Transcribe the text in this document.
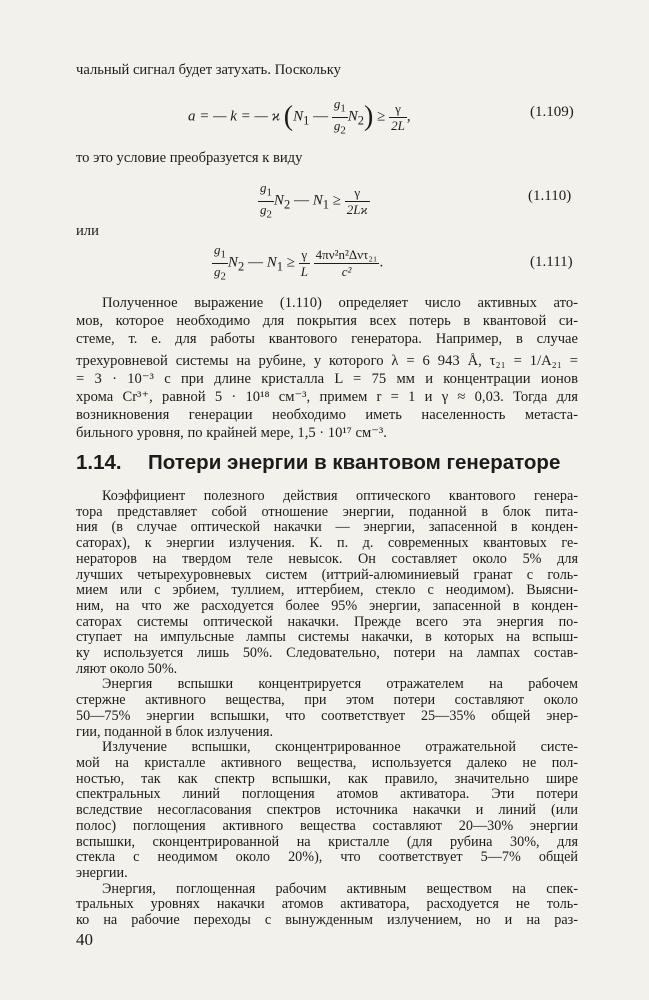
чальный сигнал будет затухать. Поскольку
a = — k = — ϰ ($N_1$ — $\frac{g_1}{g_2} N_2) \ge \frac{\gamma}{2L}$ ,	(1.109)
то это условие преобразуется к виду
$\frac{g_1}{g_2} N_2$ — $N_1 \ge \frac{\gamma}{2Lϰ}$	(1.110)
или
$\frac{g_1}{g_2} N_2$ — $N_1 \ge \frac{\gamma}{L}$
$\frac{\text{4πν²n²Δντ₂₁}}{\text{c²}}$ .	(1.111)
Полученное выражение (1.110) определяет число активных ато-
мов, которое необходимо для покрытия всех потерь в квантовой си-
стеме, т. е. для работы квантового генератора. Например, в случае
трехуровневой системы на рубине, у которого λ = 6 943 Å, τ₂₁ = 1/A₂₁ =
= 3 · 10⁻³ с при длине кристалла L = 75 мм и концентрации ионов
хрома Cr³⁺, равной 5 · 10¹⁸ см⁻³, примем r = 1 и γ ≈ 0,03. Тогда для
возникновения генерации необходимо иметь населенность метаста-
бильного уровня, по крайней мере, 1,5 · 10¹⁷ см⁻³.
1.14. Потери энергии в квантовом генераторе
Коэффициент полезного действия оптического квантового генера-
тора представляет собой отношение энергии, поданной в блок пита-
ния (в случае оптической накачки — энергии, запасенной в конден-
саторах), к энергии излучения. К. п. д. современных квантовых ге-
нераторов на твердом теле невысок. Он составляет около 5% для
лучших четырехуровневых систем (иттрий-алюминиевый гранат с голь-
мием или с эрбием, туллием, иттербием, стекло с неодимом). Выясни-
ним, на что же расходуется более 95% энергии, запасенной в конден-
саторах системы оптической накачки. Прежде всего эта энергия по-
ступает на импульсные лампы системы накачки, в которых на вспыш-
ку используется лишь 50%. Следовательно, потери на лампах состав-
ляют около 50%.
Энергия вспышки концентрируется отражателем на рабочем
стержне активного вещества, при этом потери составляют около
50—75% энергии вспышки, что соответствует 25—35% общей энер-
гии, поданной в блок излучения.
Излучение вспышки, сконцентрированное отражательной систе-
мой на кристалле активного вещества, используется далеко не пол-
ностью, так как спектр вспышки, как правило, значительно шире
спектральных линий поглощения атомов активатора. Эти потери
вследствие несогласования спектров источника накачки и линий (или
полос) поглощения активного вещества составляют 20—30% энергии
вспышки, сконцентрированной на кристалле (для рубина 30%, для
стекла с неодимом около 20%), что соответствует 5—7% общей
энергии.
Энергия, поглощенная рабочим активным веществом на спек-
тральных уровнях накачки атомов активатора, расходуется не толь-
ко на рабочие переходы с вынужденным излучением, но и на раз-
40
